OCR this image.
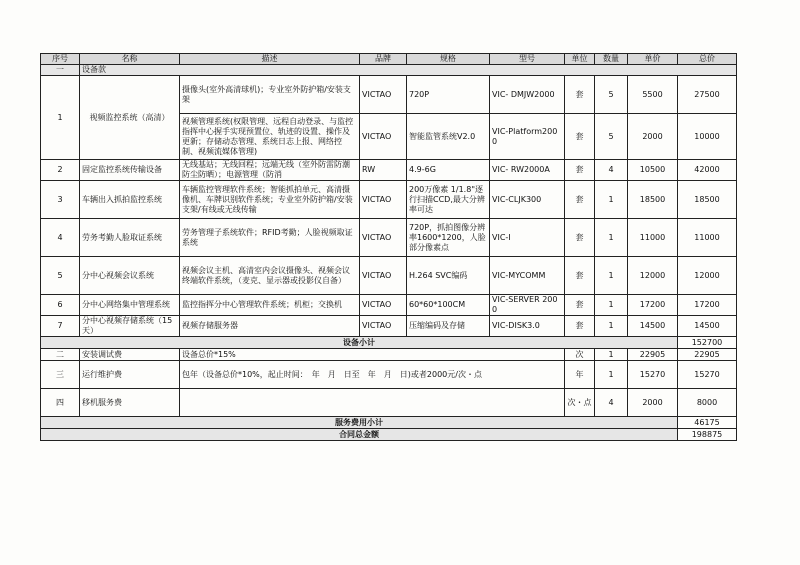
序号	名称	描述	品牌	规格	型号	单位	数量	单价	总价
一	设备款								
1	视频监控系统（高清）	摄像头(室外高清球机)；专业室外防护箱/安装支架	VICTAO	720P	VIC- DMJW2000	套	5	5500	27500
		视频管理系统(权限管理、远程自动登录、与监控指挥中心握手实现预置位、轨迹的设置、操作及更新；存储动态管理、系统日志上报、网络控制、视频流媒体管理)	VICTAO	智能监管系统V2.0	VIC-Platform2000	套	5	2000	10000
2	固定监控系统传输设备	无线基站；无线回程；远端无线（室外防雷防潮防尘防晒）；电源管理（防消	RW	4.9-6G	VIC- RW2000A	套	4	10500	42000
3	车辆出入抓拍监控系统	车辆监控管理软件系统；智能抓拍单元、高清摄像机、车牌识别软件系统；专业室外防护箱/安装支架/有线或无线传输	VICTAO	200万像素 1/1.8"逐行扫描CCD,最大分辨率可达	VIC-CLJK300	套	1	18500	18500
4	劳务考勤人脸取证系统	劳务管理子系统软件；RFID考勤；人脸视频取证系统	VICTAO	720P，抓拍图像分辨率1600*1200，人脸部分像素点	VIC-I	套	1	11000	11000
5	分中心视频会议系统	视频会议主机、高清室内会议摄像头、视频会议终端软件系统，（麦克、显示器或投影仪自备）	VICTAO	H.264 SVC编码	VIC-MYCOMM	套	1	12000	12000
6	分中心网络集中管理系统	监控指挥分中心管理软件系统；机柜；交换机	VICTAO	60*60*100CM	VIC-SERVER 2000	套	1	17200	17200
7	分中心视频存储系统（15天）	视频存储服务器	VICTAO	压缩编码及存储	VIC-DISK3.0	套	1	14500	14500
设备小计									152700
二	安装调试费	设备总价*15%				次	1	22905	22905
三	运行维护费	包年（设备总价*10%，起止时间：　年　月　日至　年　月　日)或者2000元/次・点				年	1	15270	15270
四	移机服务费					次・点	4	2000	8000
服务费用小计									46175
合同总金额									198875
